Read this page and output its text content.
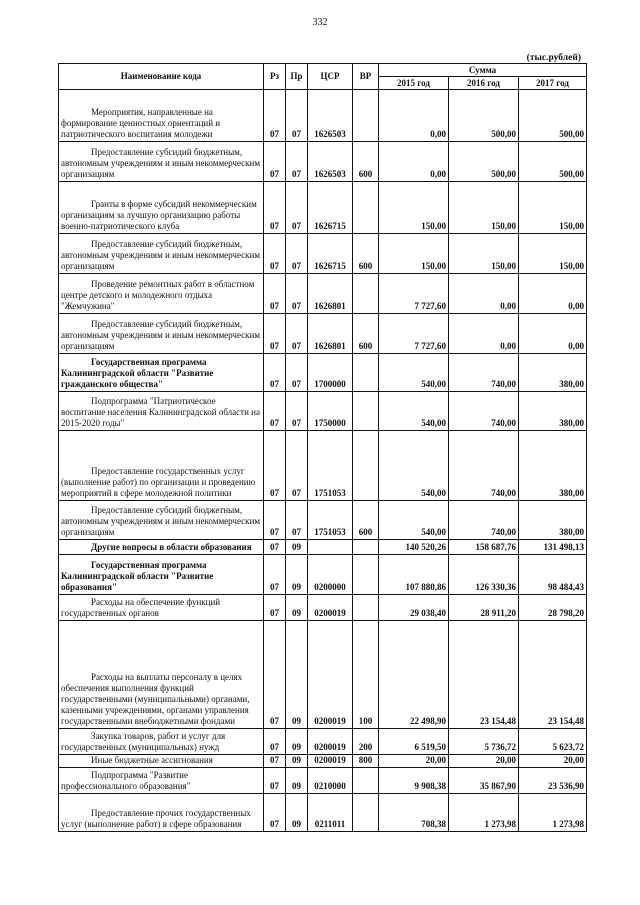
332
(тыс.рублей)
Наименование кода	Рз	Пр	ЦСР	ВР	Сумма		
					2015 год	2016 год	2017 год
Мероприятия, направленные на формирование ценностных ориентаций и патриотического воспитания молодежи	07	07	1626503		0,00	500,00	500,00
Предоставление субсидий бюджетным, автономным учреждениям и иным некоммерческим организациям	07	07	1626503	600	0,00	500,00	500,00
Гранты в форме субсидий некоммерческим организациям за лучшую организацию работы военно-патриотического клуба	07	07	1626715		150,00	150,00	150,00
Предоставление субсидий бюджетным, автономным учреждениям и иным некоммерческим организациям	07	07	1626715	600	150,00	150,00	150,00
Проведение ремонтных работ в областном центре детского и молодежного отдыха "Жемчужина"	07	07	1626801		7 727,60	0,00	0,00
Предоставление субсидий бюджетным, автономным учреждениям и иным некоммерческим организациям	07	07	1626801	600	7 727,60	0,00	0,00
Государственная программа Калининградской области "Развитие гражданского общества"	07	07	1700000		540,00	740,00	380,00
Подпрограмма "Патриотическое воспитание населения Калининградской области на 2015-2020 годы"	07	07	1750000		540,00	740,00	380,00
Предоставление государственных услуг (выполнение работ) по организации и проведению мероприятий в сфере молодежной политики	07	07	1751053		540,00	740,00	380,00
Предоставление субсидий бюджетным, автономным учреждениям и иным некоммерческим организациям	07	07	1751053	600	540,00	740,00	380,00
Другие вопросы в области образования	07	09			140 520,26	158 687,76	131 498,13
Государственная программа Калининградской области "Развитие образования"	07	09	0200000		107 880,86	126 330,36	98 484,43
Расходы на обеспечение функций государственных органов	07	09	0200019		29 038,40	28 911,20	28 798,20
Расходы на выплаты персоналу в целях обеспечения выполнения функций государственными (муниципальными) органами, казенными учреждениями, органами управления государственными внебюджетными фондами	07	09	0200019	100	22 498,90	23 154,48	23 154,48
Закупка товаров, работ и услуг для государственных (муниципальных) нужд	07	09	0200019	200	6 519,50	5 736,72	5 623,72
Иные бюджетные ассигнования	07	09	0200019	800	20,00	20,00	20,00
Подпрограмма "Развитие профессионального образования"	07	09	0210000		9 908,38	35 867,90	23 536,90
Предоставление прочих государственных услуг (выполнение работ) в сфере образования	07	09	0211011		708,38	1 273,98	1 273,98
